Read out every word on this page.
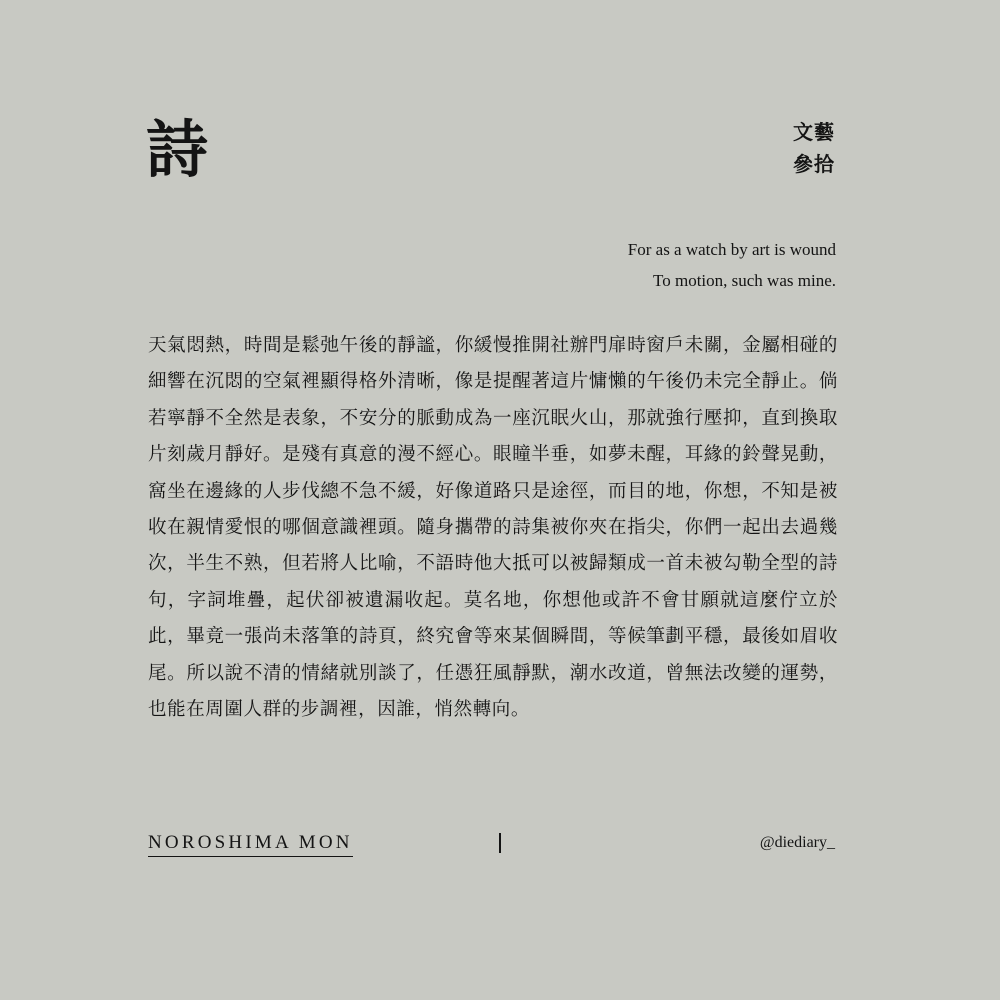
詩	文藝
參拾
For as a watch by art is wound
To motion, such was mine.

天氣悶熱，時間是鬆弛午後的靜謐，你緩慢推開社辦門扉時窗戶未關，金屬相碰的細響在沉悶的空氣裡顯得格外清晰，像是提醒著這片慵懶的午後仍未完全靜止。倘若寧靜不全然是表象，不安分的脈動成為一座沉眠火山，那就強行壓抑，直到換取片刻歲月靜好。是殘有真意的漫不經心。眼瞳半垂，如夢未醒，耳緣的鈴聲晃動，窩坐在邊緣的人步伐總不急不緩，好像道路只是途徑，而目的地，你想，不知是被收在親情愛恨的哪個意識裡頭。隨身攜帶的詩集被你夾在指尖，你們一起出去過幾次，半生不熟，但若將人比喻，不語時他大抵可以被歸類成一首未被勾勒全型的詩句，字詞堆疊，起伏卻被遺漏收起。莫名地，你想他或許不會甘願就這麼佇立於此，畢竟一張尚未落筆的詩頁，終究會等來某個瞬間，等候筆劃平穩，最後如眉收尾。所以說不清的情緒就別談了，任憑狂風靜默，潮水改道，曾無法改變的運勢，也能在周圍人群的步調裡，因誰，悄然轉向。

NOROSHIMA MON	@diediary_
